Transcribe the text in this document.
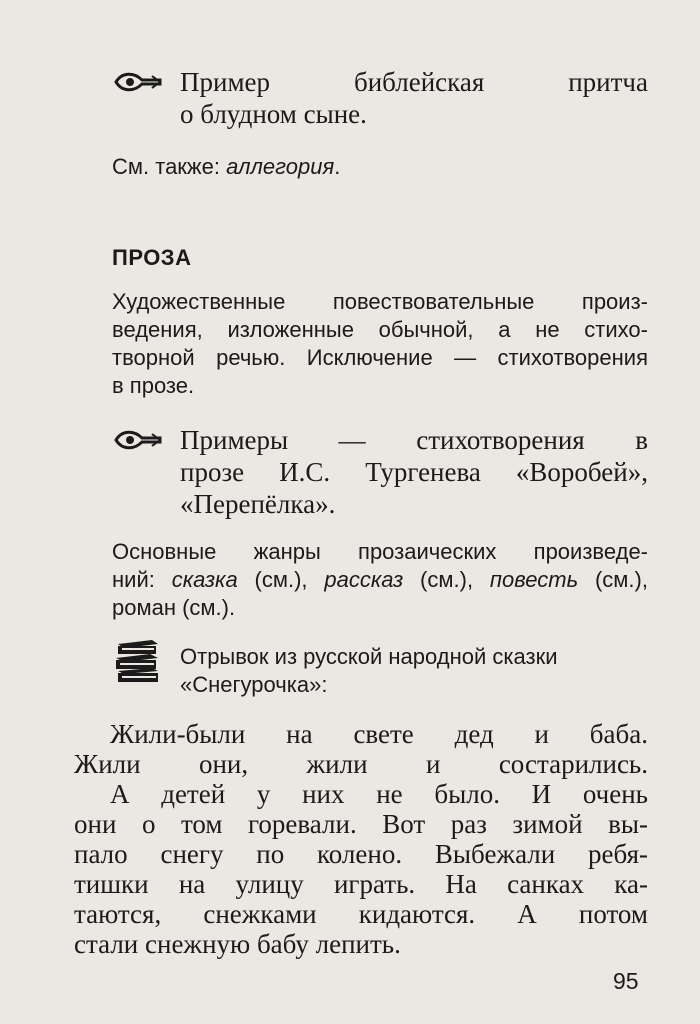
Пример библейская притча
о блудном сыне.
См. также: аллегория.
ПРОЗА
Художественные повествовательные произ-
ведения, изложенные обычной, а не стихо-
творной речью. Исключение — стихотворения
в прозе.
Примеры — стихотворения в
прозе И.С. Тургенева «Воробей»,
«Перепёлка».
Основные жанры прозаических произведе-
ний: сказка (см.), рассказ (см.), повесть (см.),
роман (см.).
Отрывок из русской народной сказки
«Снегурочка»:
Жили-были на свете дед и баба.
Жили они, жили и состарились.
А детей у них не было. И очень
они о том горевали. Вот раз зимой вы-
пало снегу по колено. Выбежали ребя-
тишки на улицу играть. На санках ка-
таются, снежками кидаются. А потом
стали снежную бабу лепить.
95
